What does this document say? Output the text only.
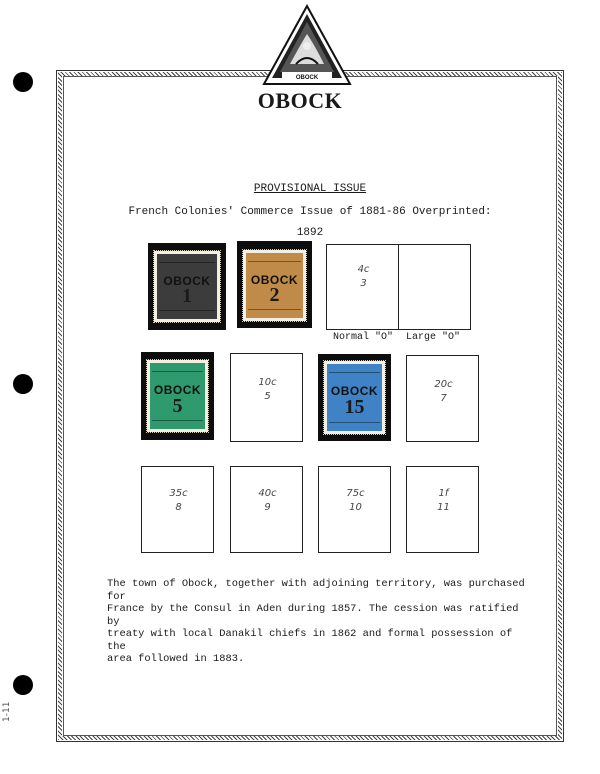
OBOCK
OBOCK
PROVISIONAL ISSUE
French Colonies' Commerce Issue of 1881-86 Overprinted:
1892
OBOCK
1
OBOCK
2
4c
3
Normal "O" Large "O"
OBOCK
5
10c
5	OBOCK
15
20c
7
35c
8
40c
9
75c
10
1f
11
The town of Obock, together with adjoining territory, was purchased for
France by the Consul in Aden during 1857. The cession was ratified by
treaty with local Danakil chiefs in 1862 and formal possession of the
area followed in 1883.
1-11
